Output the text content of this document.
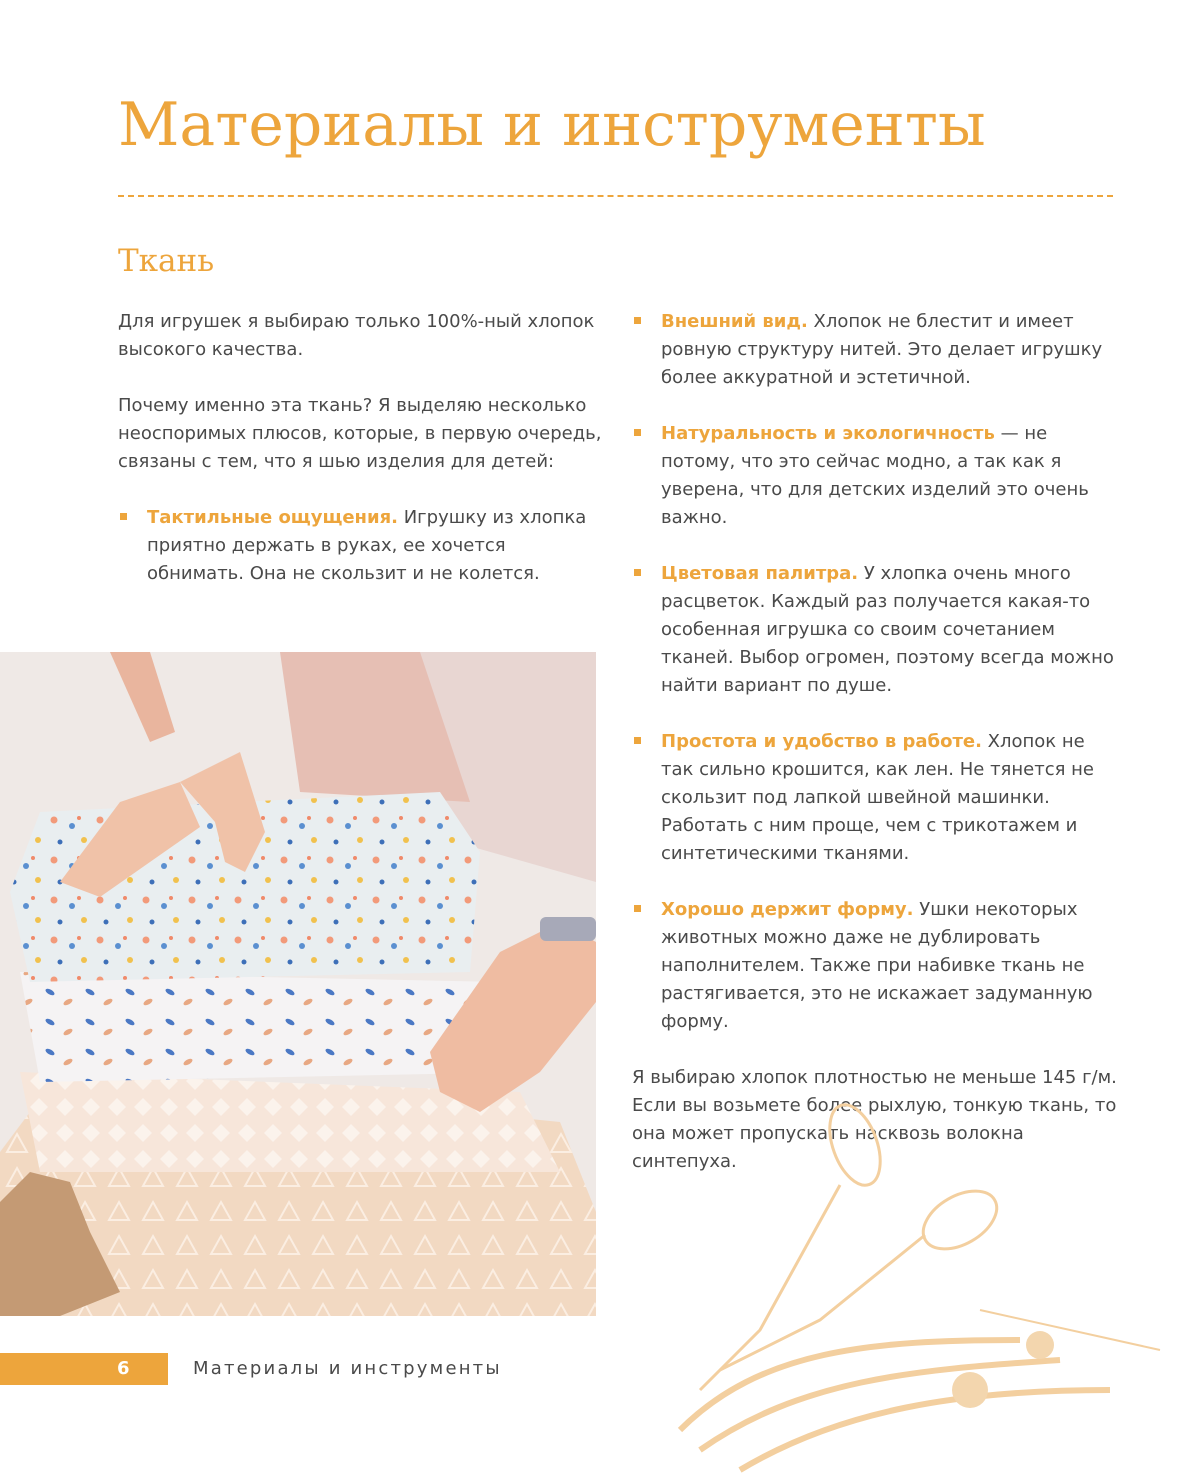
Материалы и инструменты
Ткань

Для игрушек я выбираю только 100%-ный хлопок высокого качества.

Почему именно эта ткань? Я выделяю несколько неоспоримых плюсов, которые, в первую очередь, связаны с тем, что я шью изделия для детей:

Тактильные ощущения. Игрушку из хлопка приятно держать в руках, ее хочется обнимать. Она не скользит и не колется.

Внешний вид. Хлопок не блестит и имеет ровную структуру нитей. Это делает игрушку более аккуратной и эстетичной.

Натуральность и экологичность — не потому, что это сейчас модно, а так как я уверена, что для детских изделий это очень важно.

Цветовая палитра. У хлопка очень много расцветок. Каждый раз получается какая-то особенная игрушка со своим сочетанием тканей. Выбор огромен, поэтому всегда можно найти вариант по душе.

Простота и удобство в работе. Хлопок не так сильно крошится, как лен. Не тянется не скользит под лапкой швейной машинки. Работать с ним проще, чем с трикотажем и синтетическими тканями.

Хорошо держит форму. Ушки некоторых животных можно даже не дублировать наполнителем. Также при набивке ткань не растягивается, это не искажает задуманную форму.

Я выбираю хлопок плотностью не меньше 145 г/м. Если вы возьмете более рыхлую, тонкую ткань, то она может пропускать насквозь волокна синтепуха.

6	Материалы и инструменты
